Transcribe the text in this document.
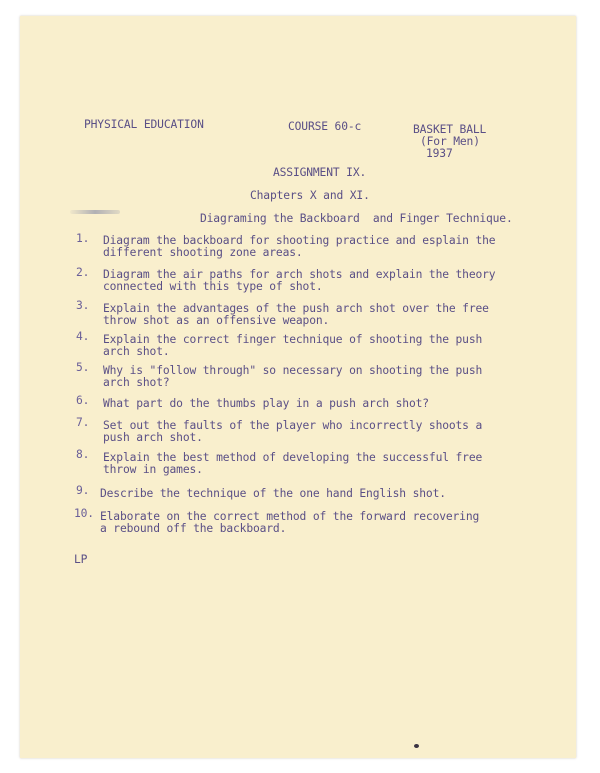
PHYSICAL EDUCATION	COURSE 60-c	BASKET BALL
(For Men)
1937
ASSIGNMENT IX.
Chapters X and XI.
Diagraming the Backboard  and Finger Technique.
1. Diagram the backboard for shooting practice and esplain the
different shooting zone areas.
2. Diagram the air paths for arch shots and explain the theory
connected with this type of shot.
3. Explain the advantages of the push arch shot over the free
throw shot as an offensive weapon.
4. Explain the correct finger technique of shooting the push
arch shot.
5. Why is "follow through" so necessary on shooting the push
arch shot?
6. What part do the thumbs play in a push arch shot?
7. Set out the faults of the player who incorrectly shoots a
push arch shot.
8. Explain the best method of developing the successful free
throw in games.
9. Describe the technique of the one hand English shot.
10. Elaborate on the correct method of the forward recovering
a rebound off the backboard.
LP
